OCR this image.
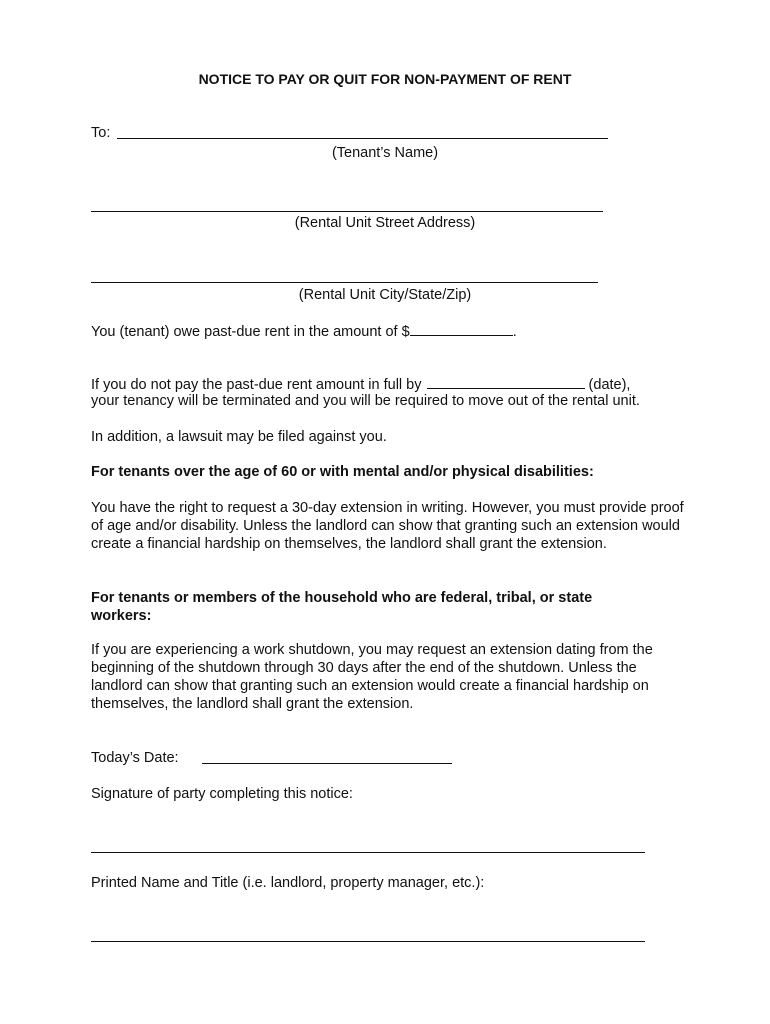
NOTICE TO PAY OR QUIT FOR NON-PAYMENT OF RENT
To:
(Tenant’s Name)
(Rental Unit Street Address)
(Rental Unit City/State/Zip)
You (tenant) owe past-due rent in the amount of $	.
If you do not pay the past-due rent amount in full by	(date),
your tenancy will be terminated and you will be required to move out of the rental unit.
In addition, a lawsuit may be filed against you.
For tenants over the age of 60 or with mental and/or physical disabilities:
You have the right to request a 30-day extension in writing. However, you must provide proof of age and/or disability. Unless the landlord can show that granting such an extension would create a financial hardship on themselves, the landlord shall grant the extension.
For tenants or members of the household who are federal, tribal, or state workers:
If you are experiencing a work shutdown, you may request an extension dating from the beginning of the shutdown through 30 days after the end of the shutdown. Unless the landlord can show that granting such an extension would create a financial hardship on themselves, the landlord shall grant the extension.
Today’s Date:
Signature of party completing this notice:
Printed Name and Title (i.e. landlord, property manager, etc.):
